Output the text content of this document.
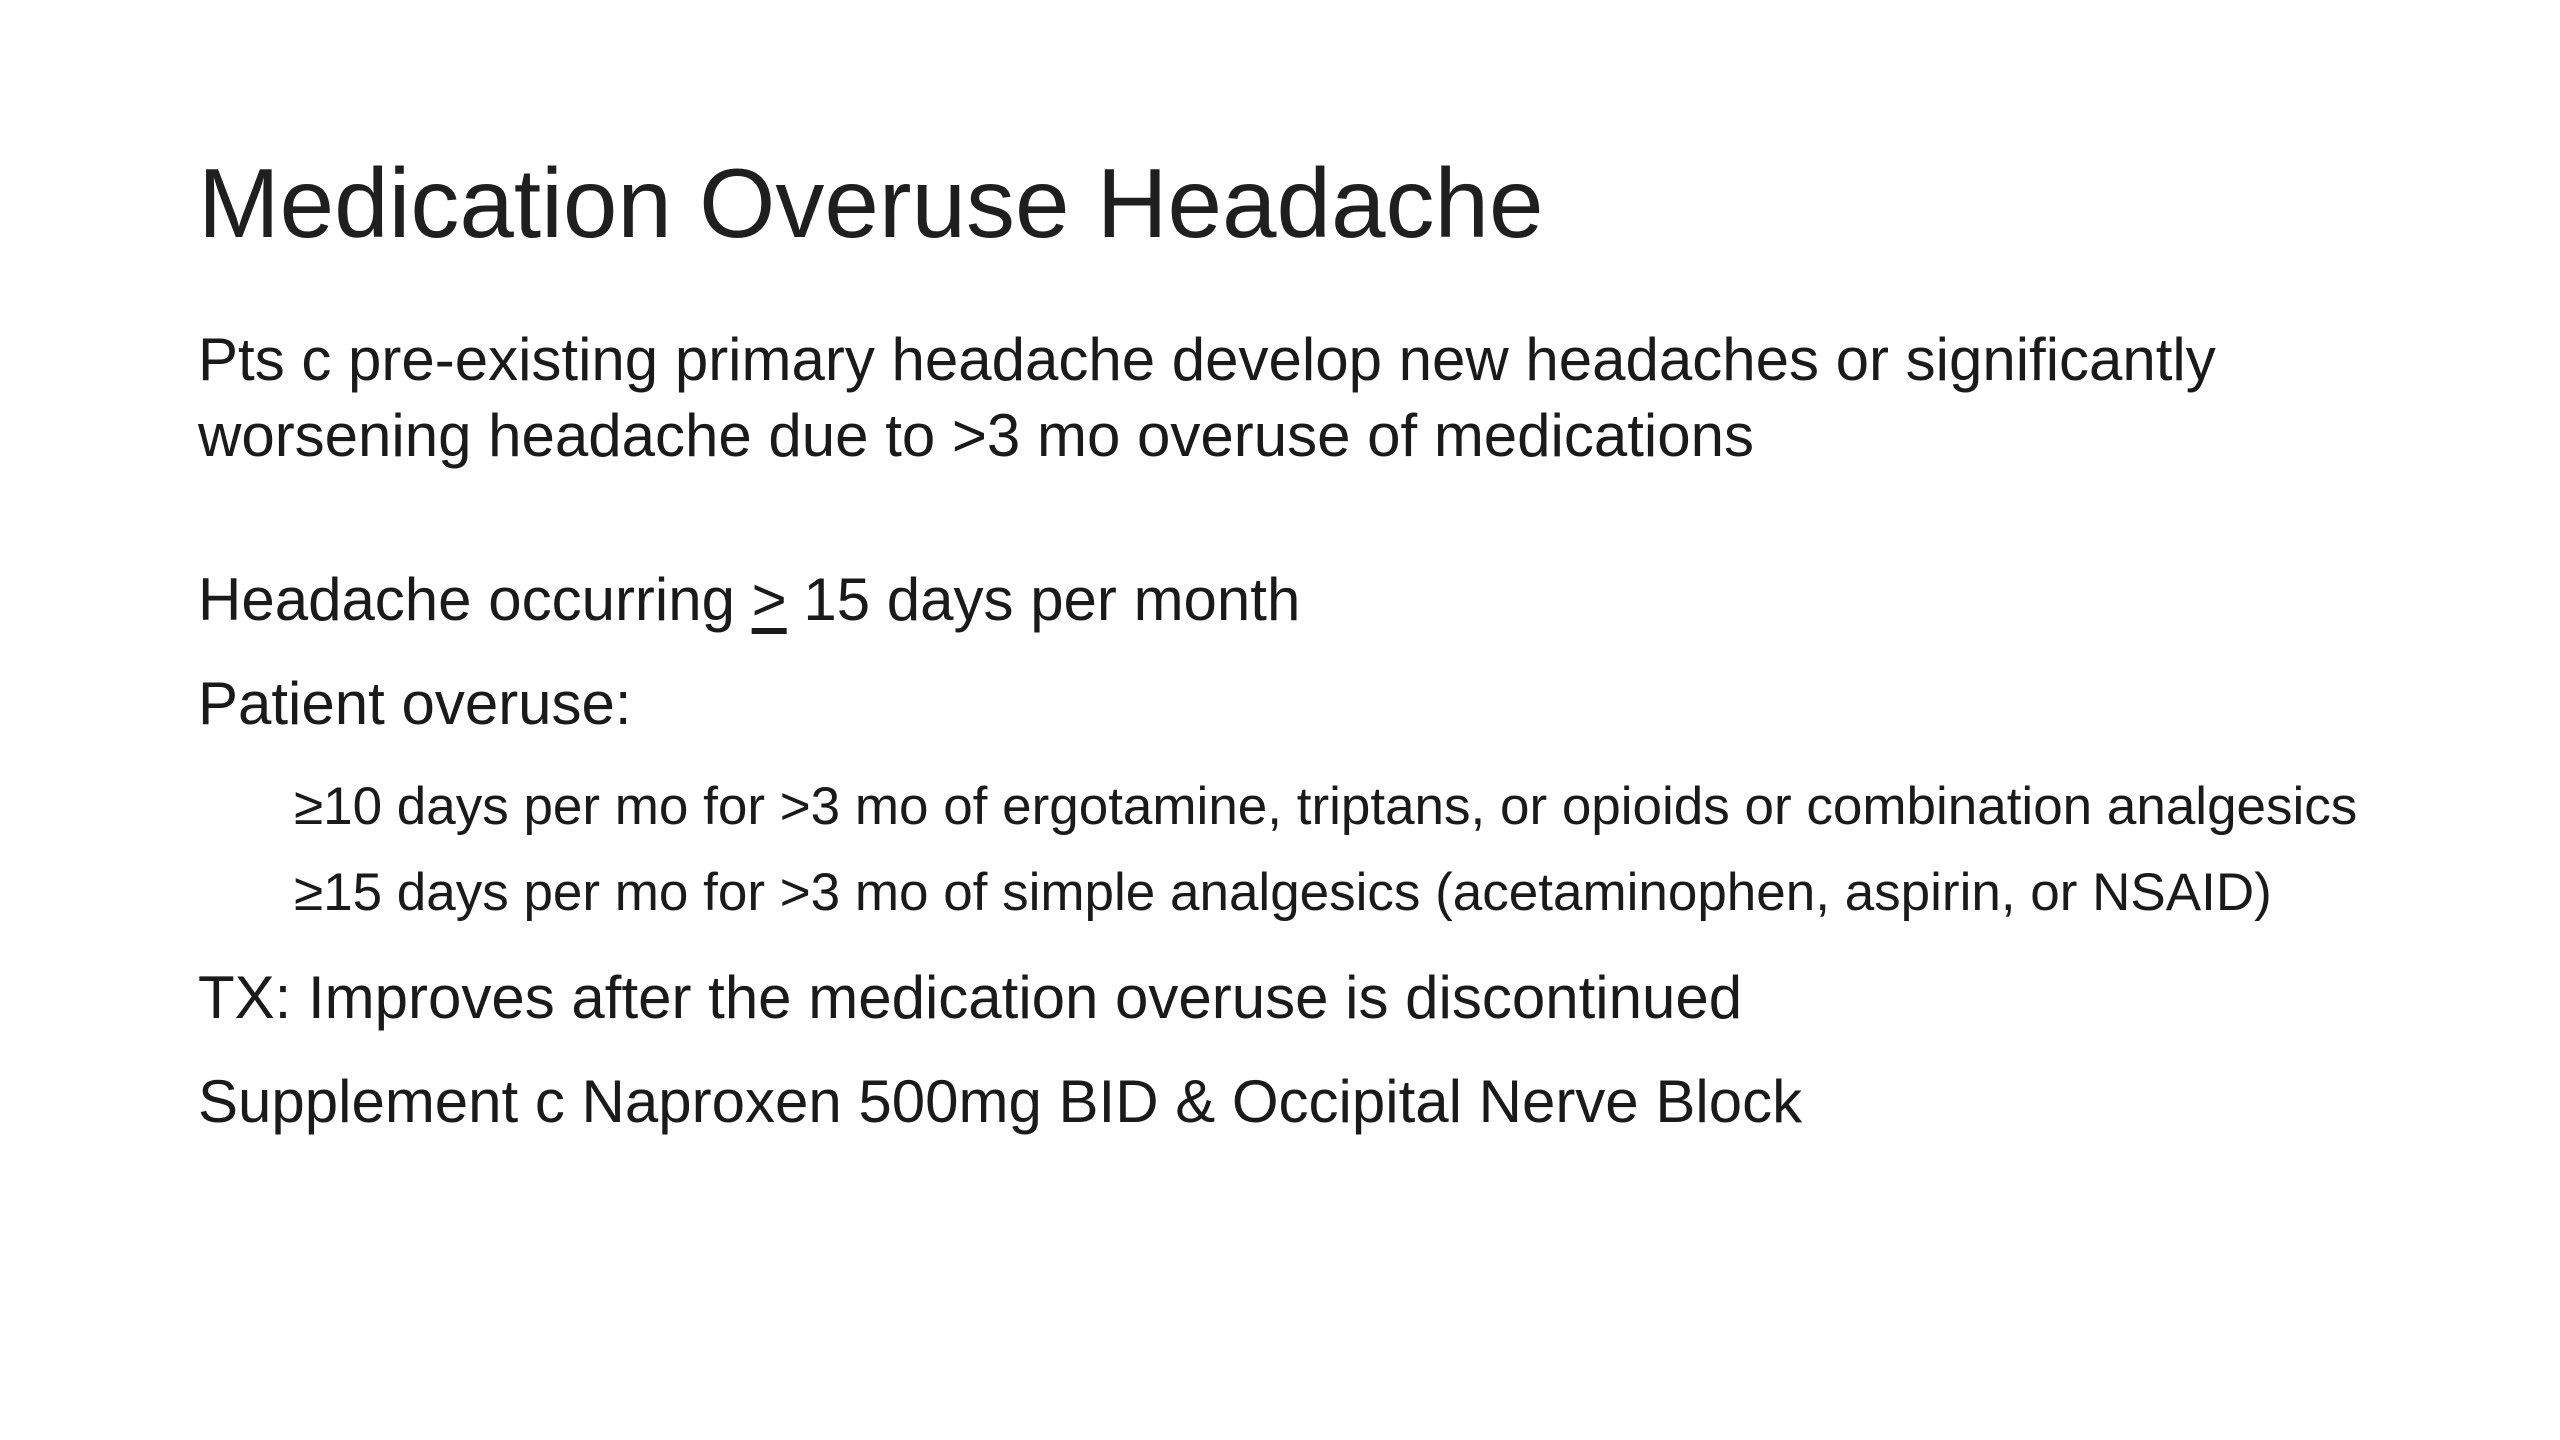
Medication Overuse Headache
Pts c pre-existing primary headache develop new headaches or significantly worsening headache due to >3 mo overuse of medications
Headache occurring ≥ 15 days per month
Patient overuse:
≥10 days per mo for >3 mo of ergotamine, triptans, or opioids or combination analgesics
≥15 days per mo for >3 mo of simple analgesics (acetaminophen, aspirin, or NSAID)
TX: Improves after the medication overuse is discontinued
Supplement c Naproxen 500mg BID & Occipital Nerve Block
